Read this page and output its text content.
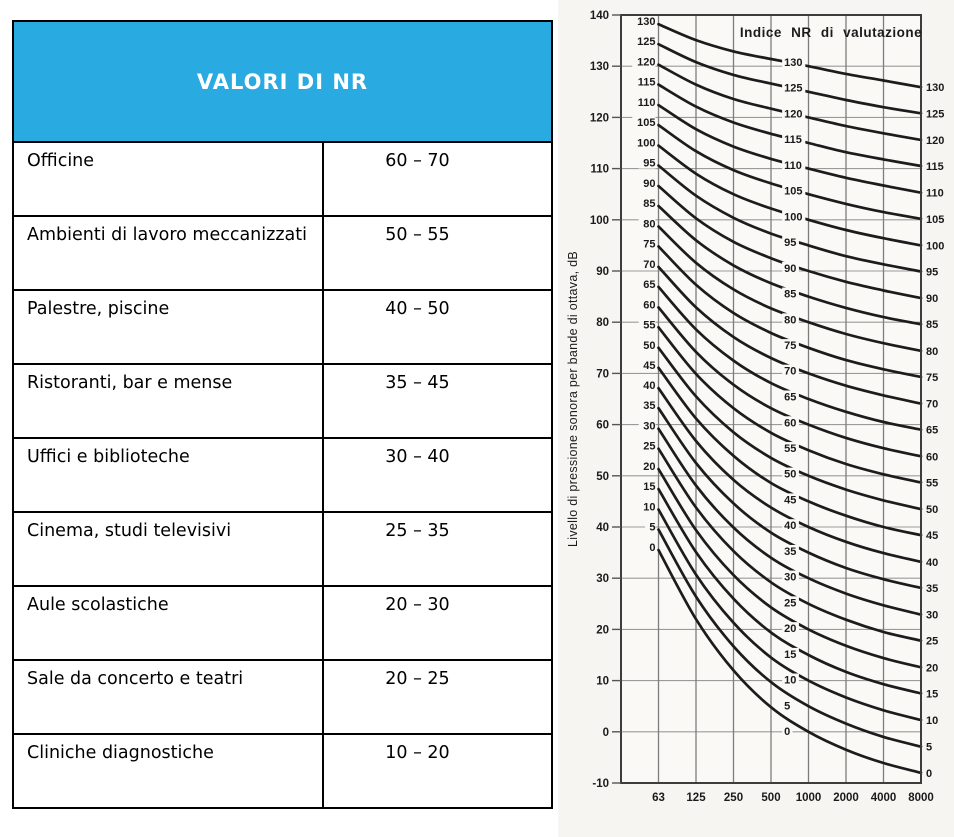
VALORI DI NR
Officine	60 – 70
Ambienti di lavoro meccanizzati	50 – 55
Palestre, piscine	40 – 50
Ristoranti, bar e mense	35 – 45
Uffici e biblioteche	30 – 40
Cinema, studi televisivi	25 – 35
Aule scolastiche	20 – 30
Sale da concerto e teatri	20 – 25
Cliniche diagnostiche	10 – 20
130
130
130
125
125
125
120
120
120
115
115
115
110
110
110
105
105
105
100
100
100
95
95
95
90
90
90
85
85
85
80
80
80
75
75
75
70
70
70
65
65
65
60
60
60
55
55
55
50
50
50
45
45
45
40
40
40
35
35
35
30
30
30
25
25
25
20
20
20
15
15
15
10
10
10
5
5
5
0
0
0
140
130
120
110
100
90
80
70
60
50
40
30
20
10
0
-10
63 125 250 500 1000 2000 4000 8000
Indice NR di valutazione
Livello di pressione sonora per bande di ottava, dB
